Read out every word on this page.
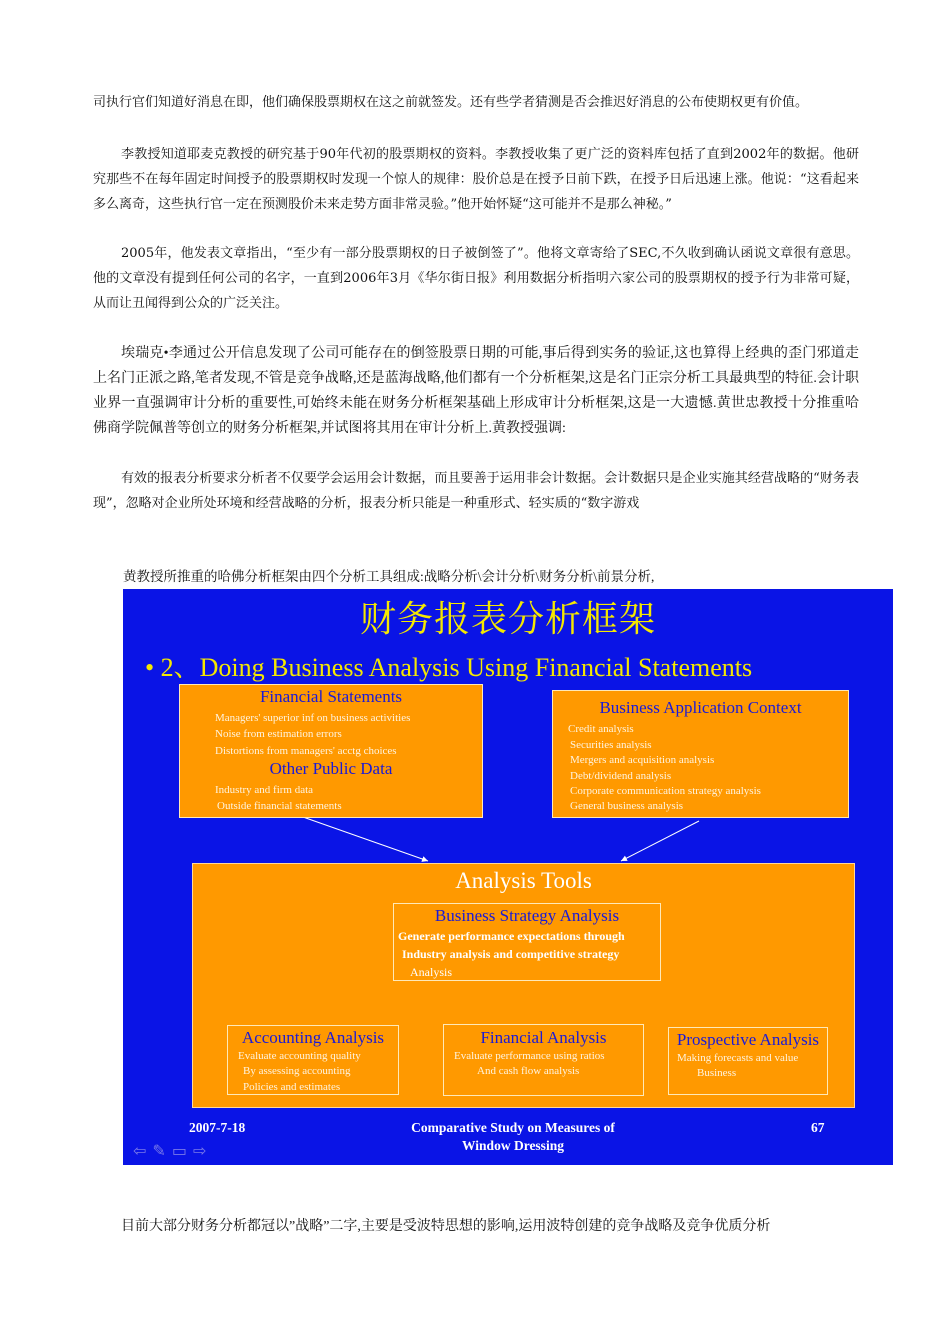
司执行官们知道好消息在即，他们确保股票期权在这之前就签发。还有些学者猜测是否会推迟好消息的公布使期权更有价值。

李教授知道耶麦克教授的研究基于90年代初的股票期权的资料。李教授收集了更广泛的资料库包括了直到2002年的数据。他研究那些不在每年固定时间授予的股票期权时发现一个惊人的规律：股价总是在授予日前下跌，在授予日后迅速上涨。他说：“这看起来多么离奇，这些执行官一定在预测股价未来走势方面非常灵验。”他开始怀疑“这可能并不是那么神秘。”

2005年，他发表文章指出，“至少有一部分股票期权的日子被倒签了”。他将文章寄给了SEC,不久收到确认函说文章很有意思。他的文章没有提到任何公司的名字，一直到2006年3月《华尔街日报》利用数据分析指明六家公司的股票期权的授予行为非常可疑，从而让丑闻得到公众的广泛关注。

埃瑞克•李通过公开信息发现了公司可能存在的倒签股票日期的可能,事后得到实务的验证,这也算得上经典的歪门邪道走上名门正派之路,笔者发现,不管是竞争战略,还是蓝海战略,他们都有一个分析框架,这是名门正宗分析工具最典型的特征.会计职业界一直强调审计分析的重要性,可始终未能在财务分析框架基础上形成审计分析框架,这是一大遗憾.黄世忠教授十分推重哈佛商学院佩普等创立的财务分析框架,并试图将其用在审计分析上.黄教授强调:

有效的报表分析要求分析者不仅要学会运用会计数据，而且要善于运用非会计数据。会计数据只是企业实施其经营战略的“财务表现”，忽略对企业所处环境和经营战略的分析，报表分析只能是一种重形式、轻实质的“数字游戏

黄教授所推重的哈佛分析框架由四个分析工具组成:战略分析\会计分析\财务分析\前景分析,

财务报表分析框架
• 2、Doing Business Analysis Using Financial Statements
Financial Statements
Managers' superior inf on business activities
Noise from estimation errors
Distortions from managers' acctg choices
Other Public Data
Industry and firm data
Outside financial statements
Business Application Context
Credit analysis
Securities analysis
Mergers and acquisition analysis
Debt/dividend analysis
Corporate communication strategy analysis
General business analysis
Analysis Tools
Business Strategy Analysis
Generate performance expectations through
Industry analysis and competitive strategy
Analysis
Accounting Analysis
Evaluate accounting quality
By assessing accounting
Policies and estimates
Financial Analysis
Evaluate performance using ratios
And cash flow analysis
Prospective Analysis
Making forecasts and value
Business
2007-7-18	Comparative Study on Measures of
Window Dressing
67
⇦ ✎ ▭ ⇨

目前大部分财务分析都冠以”战略”二字,主要是受波特思想的影响,运用波特创建的竞争战略及竞争优质分析
